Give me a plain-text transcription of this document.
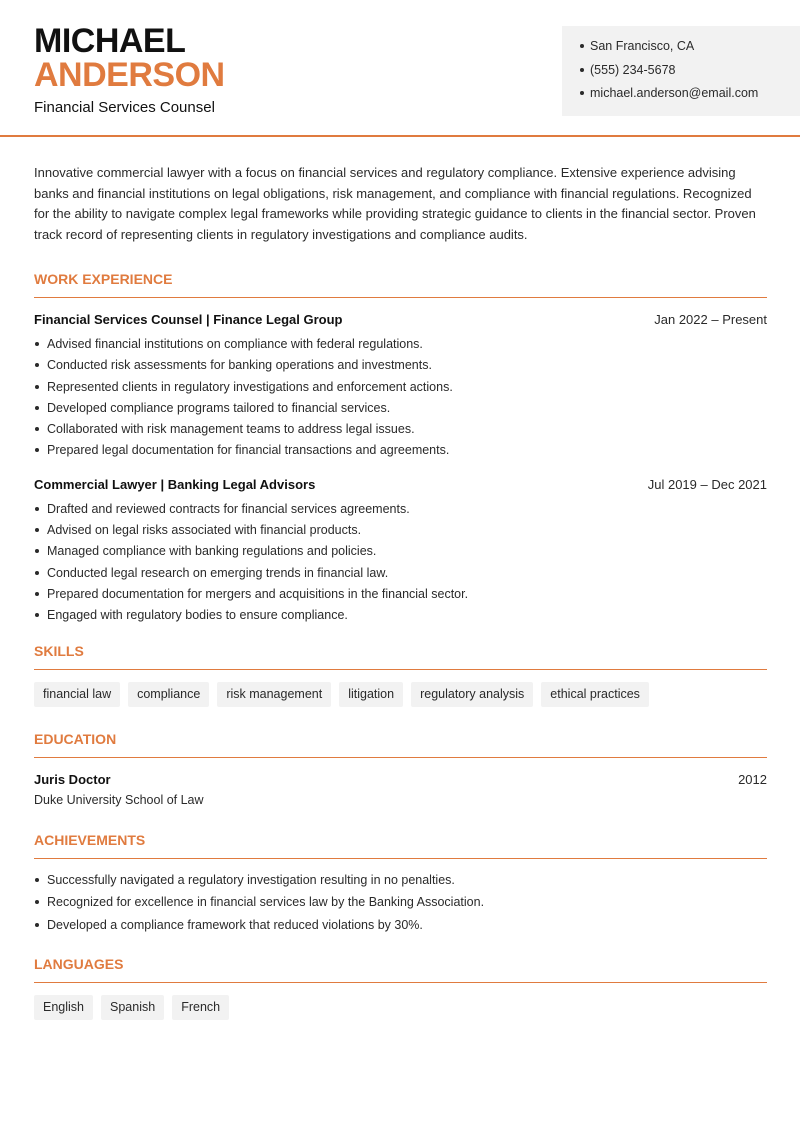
MICHAEL
ANDERSON
Financial Services Counsel
San Francisco, CA
(555) 234-5678
michael.anderson@email.com

Innovative commercial lawyer with a focus on financial services and regulatory compliance. Extensive experience advising banks and financial institutions on legal obligations, risk management, and compliance with financial regulations. Recognized for the ability to navigate complex legal frameworks while providing strategic guidance to clients in the financial sector. Proven track record of representing clients in regulatory investigations and compliance audits.

WORK EXPERIENCE
Financial Services Counsel | Finance Legal Group	Jan 2022 – Present
Advised financial institutions on compliance with federal regulations.
Conducted risk assessments for banking operations and investments.
Represented clients in regulatory investigations and enforcement actions.
Developed compliance programs tailored to financial services.
Collaborated with risk management teams to address legal issues.
Prepared legal documentation for financial transactions and agreements.
Commercial Lawyer | Banking Legal Advisors	Jul 2019 – Dec 2021
Drafted and reviewed contracts for financial services agreements.
Advised on legal risks associated with financial products.
Managed compliance with banking regulations and policies.
Conducted legal research on emerging trends in financial law.
Prepared documentation for mergers and acquisitions in the financial sector.
Engaged with regulatory bodies to ensure compliance.
SKILLS
financial law	compliance	risk management	litigation	regulatory analysis	ethical practices
EDUCATION
Juris Doctor	2012
Duke University School of Law
ACHIEVEMENTS
Successfully navigated a regulatory investigation resulting in no penalties.
Recognized for excellence in financial services law by the Banking Association.
Developed a compliance framework that reduced violations by 30%.
LANGUAGES
English	Spanish	French
